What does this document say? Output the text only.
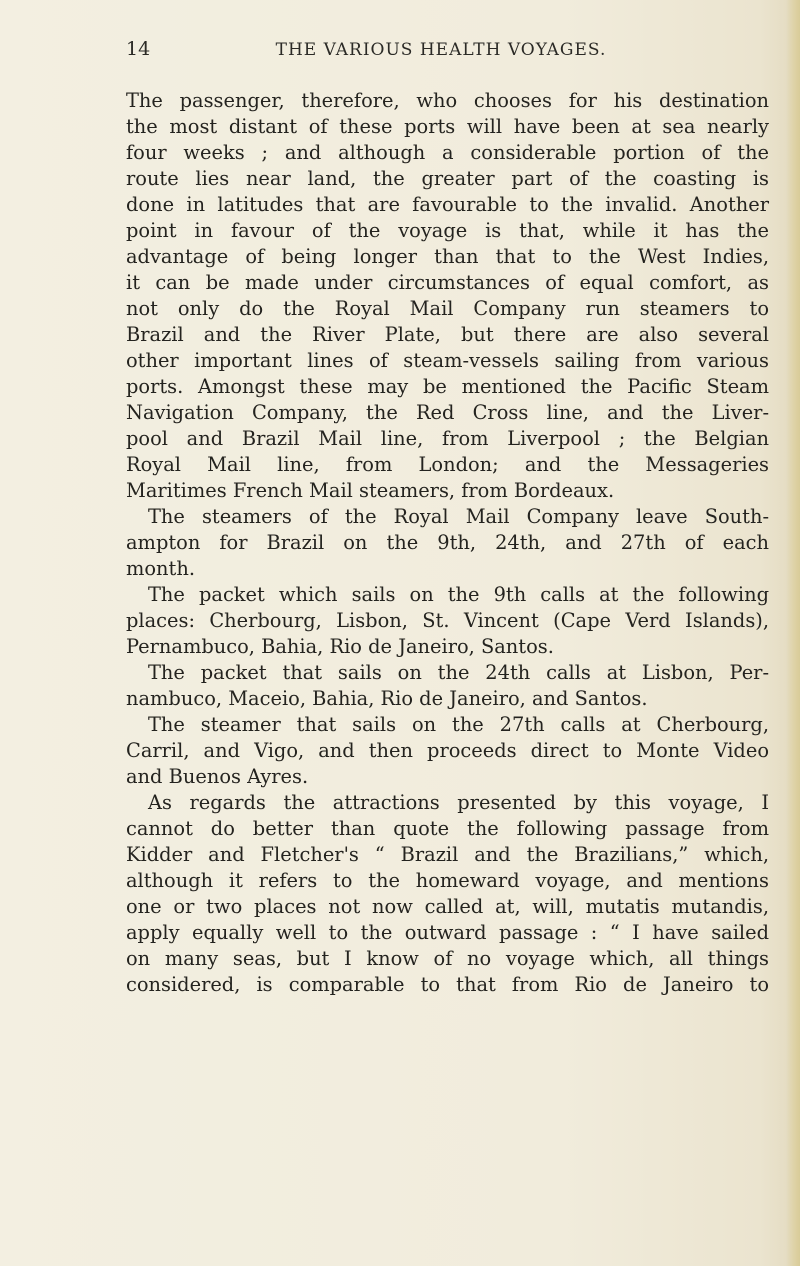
14	THE VARIOUS HEALTH VOYAGES.
The passenger, therefore, who chooses for his destination
the most distant of these ports will have been at sea nearly
four weeks ; and although a considerable portion of the
route lies near land, the greater part of the coasting is
done in latitudes that are favourable to the invalid. Another
point in favour of the voyage is that, while it has the
advantage of being longer than that to the West Indies,
it can be made under circumstances of equal comfort, as
not only do the Royal Mail Company run steamers to
Brazil and the River Plate, but there are also several
other important lines of steam-vessels sailing from various
ports. Amongst these may be mentioned the Pacific Steam
Navigation Company, the Red Cross line, and the Liver-
pool and Brazil Mail line, from Liverpool ; the Belgian
Royal Mail line, from London; and the Messageries
Maritimes French Mail steamers, from Bordeaux.
The steamers of the Royal Mail Company leave South-
ampton for Brazil on the 9th, 24th, and 27th of each
month.
The packet which sails on the 9th calls at the following
places: Cherbourg, Lisbon, St. Vincent (Cape Verd Islands),
Pernambuco, Bahia, Rio de Janeiro, Santos.
The packet that sails on the 24th calls at Lisbon, Per-
nambuco, Maceio, Bahia, Rio de Janeiro, and Santos.
The steamer that sails on the 27th calls at Cherbourg,
Carril, and Vigo, and then proceeds direct to Monte Video
and Buenos Ayres.
As regards the attractions presented by this voyage, I
cannot do better than quote the following passage from
Kidder and Fletcher's “ Brazil and the Brazilians,” which,
although it refers to the homeward voyage, and mentions
one or two places not now called at, will, mutatis mutandis,
apply equally well to the outward passage : “ I have sailed
on many seas, but I know of no voyage which, all things
considered, is comparable to that from Rio de Janeiro to
